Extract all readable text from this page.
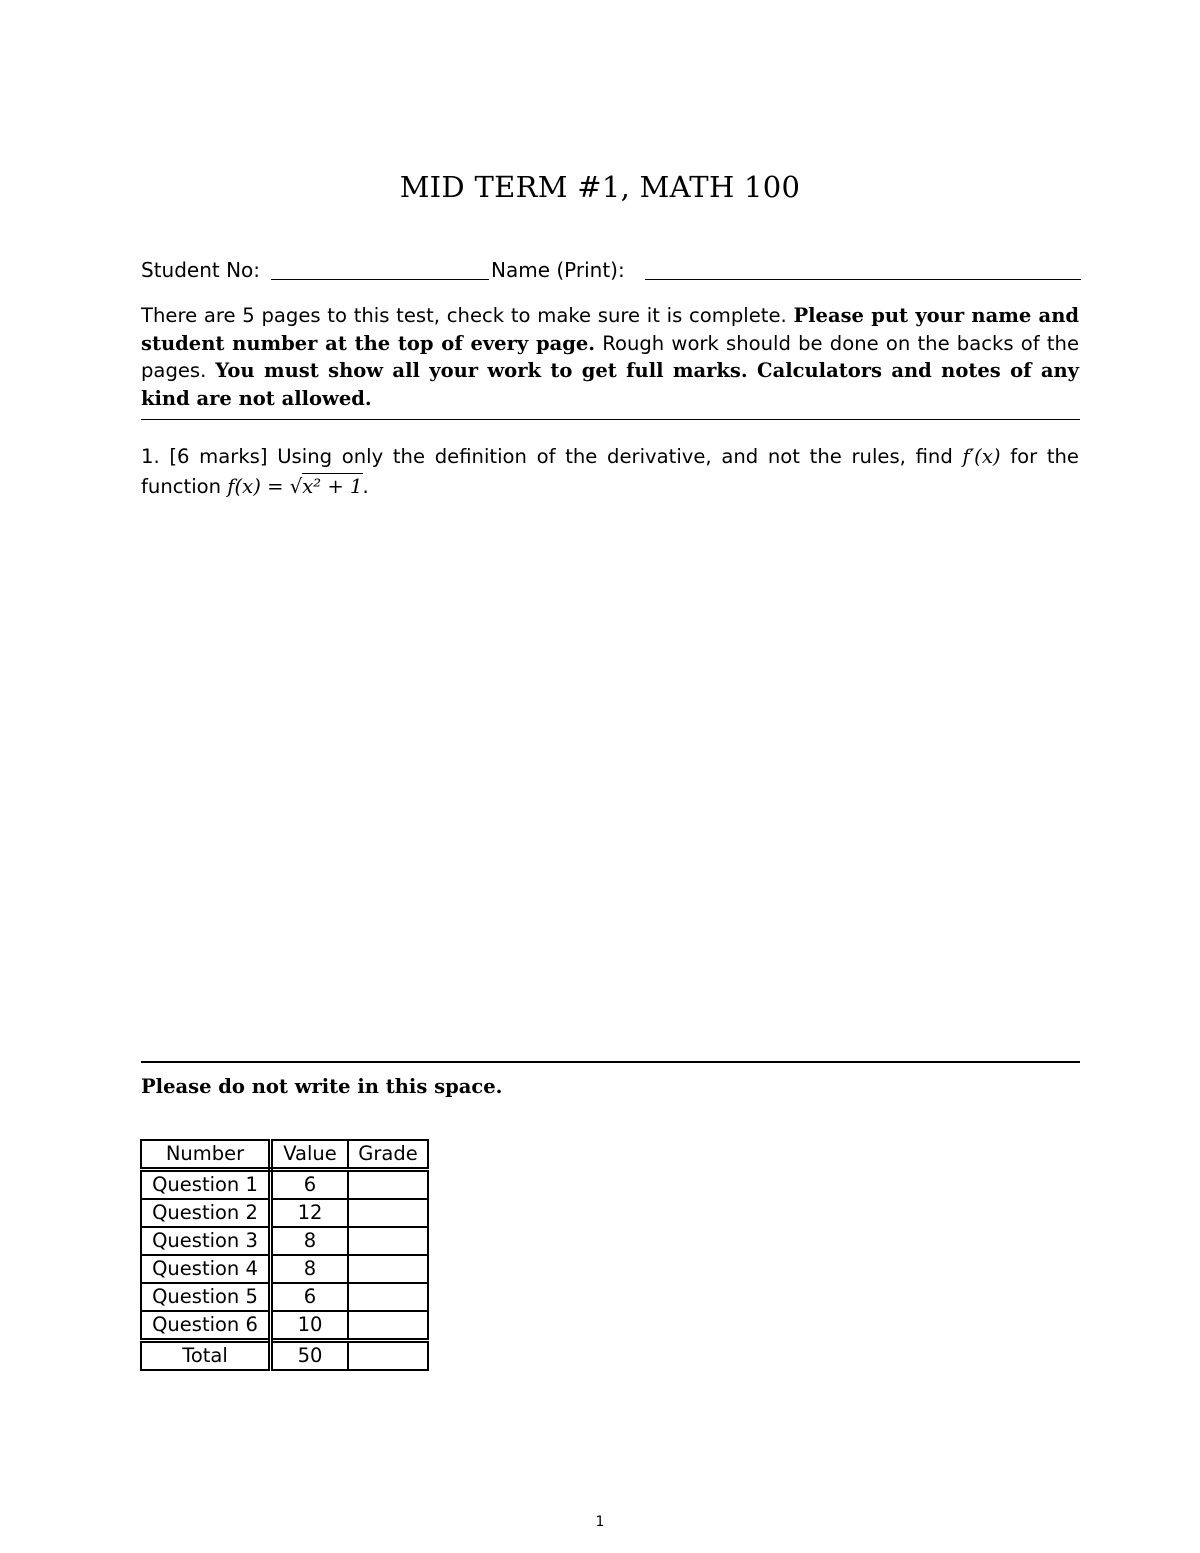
MID TERM #1, MATH 100
Student No:	Name (Print):
There are 5 pages to this test, check to make sure it is complete. Please put your name and student number at the top of every page. Rough work should be done on the backs of the pages. You must show all your work to get full marks. Calculators and notes of any kind are not allowed.
1. [6 marks] Using only the definition of the derivative, and not the rules, find f′(x) for the function f(x) = √x² + 1.
Please do not write in this space.
Number	Value	Grade
Question 1	6	
Question 2	12	
Question 3	8	
Question 4	8	
Question 5	6	
Question 6	10	
Total	50	
1
